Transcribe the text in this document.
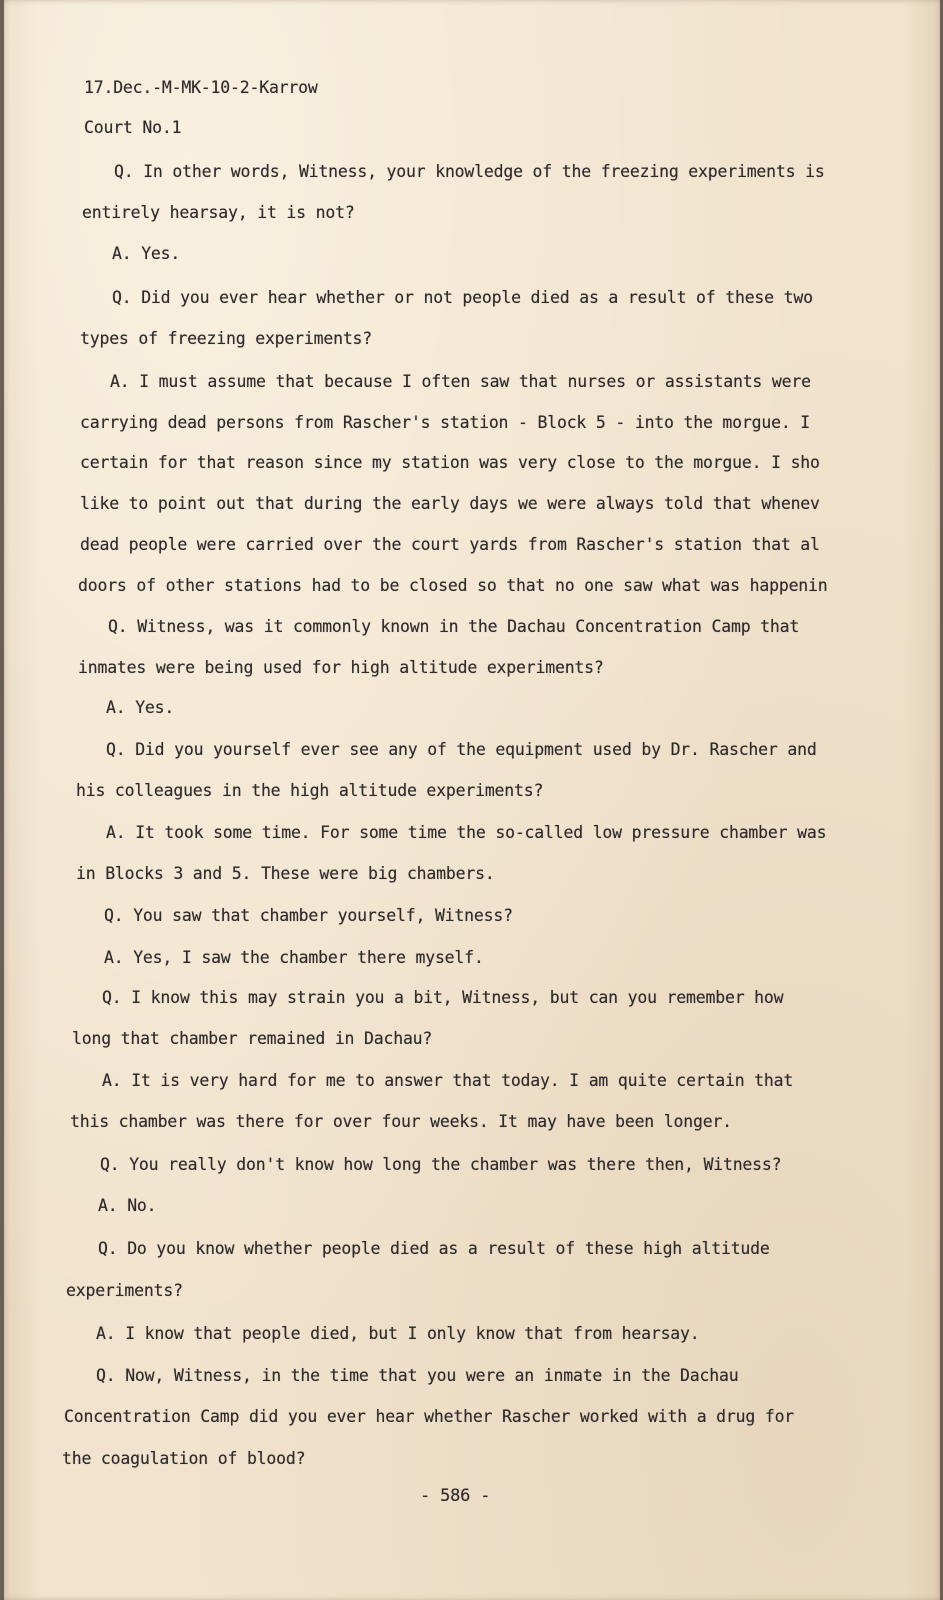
17.Dec.-M-MK-10-2-Karrow
Court No.1
Q. In other words, Witness, your knowledge of the freezing experiments is
entirely hearsay, it is not?
A. Yes.
Q. Did you ever hear whether or not people died as a result of these two
types of freezing experiments?
A. I must assume that because I often saw that nurses or assistants were
carrying dead persons from Rascher's station - Block 5 - into the morgue. I
certain for that reason since my station was very close to the morgue. I sho
like to point out that during the early days we were always told that whenev
dead people were carried over the court yards from Rascher's station that al
doors of other stations had to be closed so that no one saw what was happenin
Q. Witness, was it commonly known in the Dachau Concentration Camp that
inmates were being used for high altitude experiments?
A. Yes.
Q. Did you yourself ever see any of the equipment used by Dr. Rascher and
his colleagues in the high altitude experiments?
A. It took some time. For some time the so-called low pressure chamber was
in Blocks 3 and 5. These were big chambers.
Q. You saw that chamber yourself, Witness?
A. Yes, I saw the chamber there myself.
Q. I know this may strain you a bit, Witness, but can you remember how
long that chamber remained in Dachau?
A. It is very hard for me to answer that today. I am quite certain that
this chamber was there for over four weeks. It may have been longer.
Q. You really don't know how long the chamber was there then, Witness?
A. No.
Q. Do you know whether people died as a result of these high altitude
experiments?
A. I know that people died, but I only know that from hearsay.
Q. Now, Witness, in the time that you were an inmate in the Dachau
Concentration Camp did you ever hear whether Rascher worked with a drug for
the coagulation of blood?
- 586 -
